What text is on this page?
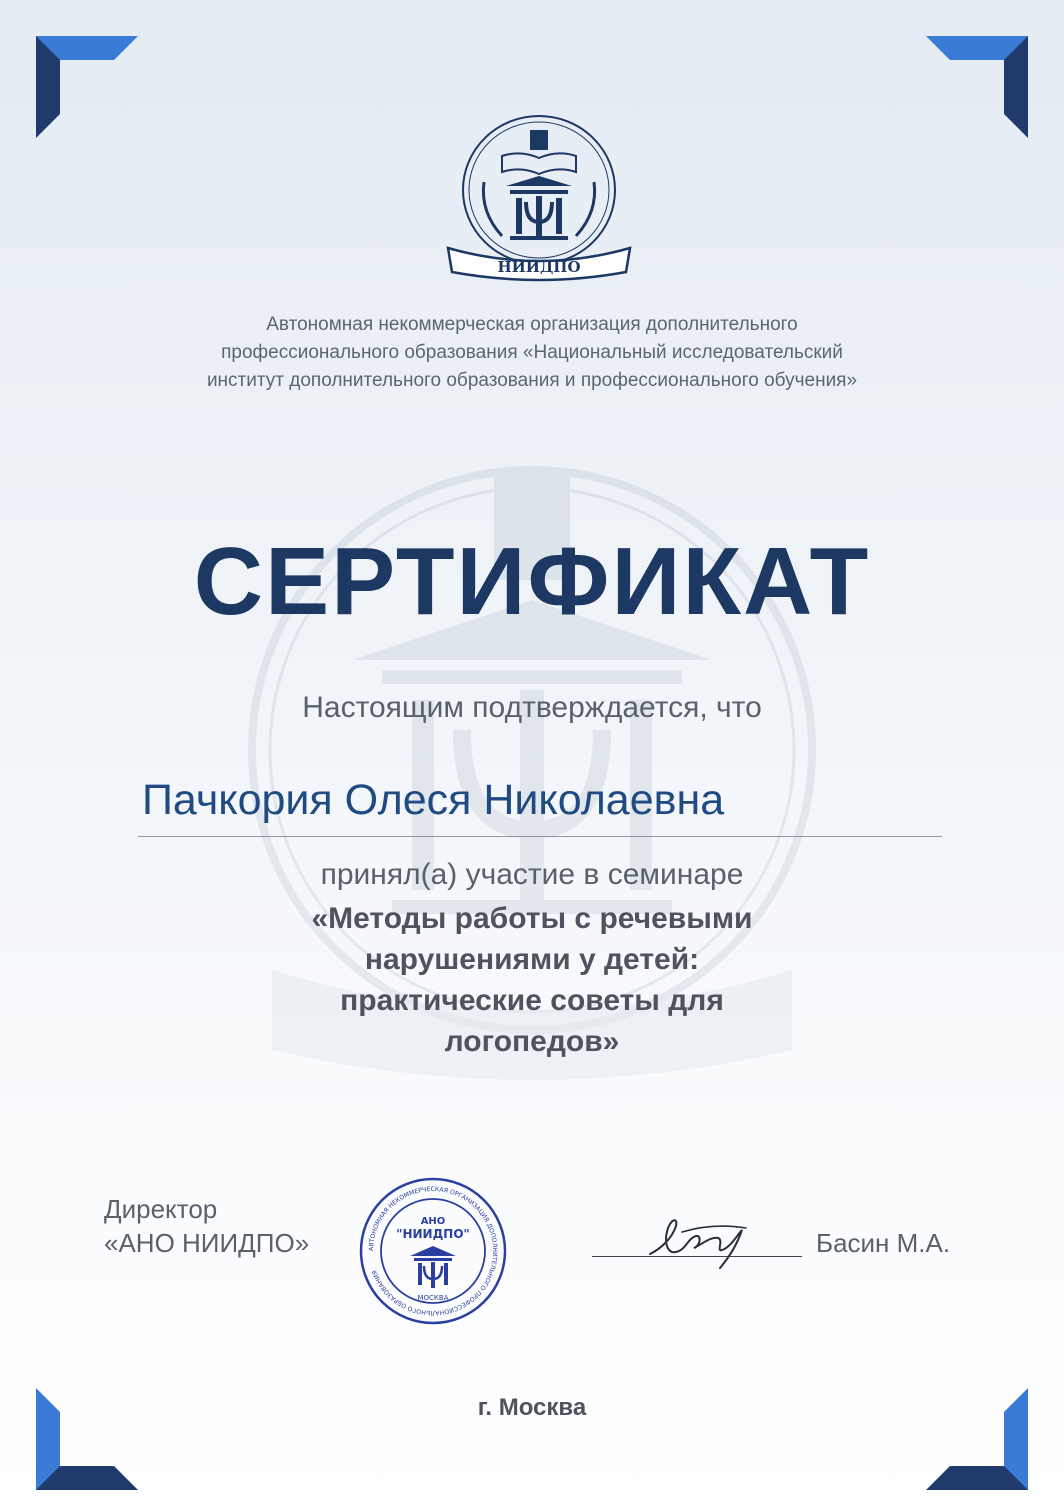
НИИДПО
Автономная некоммерческая организация дополнительного
профессионального образования «Национальный исследовательский
институт дополнительного образования и профессионального обучения»
СЕРТИФИКАТ
Настоящим подтверждается, что
Пачкория Олеся Николаевна
принял(а) участие в семинаре
«Методы работы с речевыми
нарушениями у детей:
практические советы для
логопедов»
Директор
«АНО НИИДПО»	АВТОНОМНАЯ НЕКОММЕРЧЕСКАЯ ОРГАНИЗАЦИЯ ДОПОЛНИТЕЛЬНОГО ПРОФЕССИОНАЛЬНОГО ОБРАЗОВАНИЯ
АНО
"НИИДПО"
МОСКВА
Басин М.А.
г. Москва
